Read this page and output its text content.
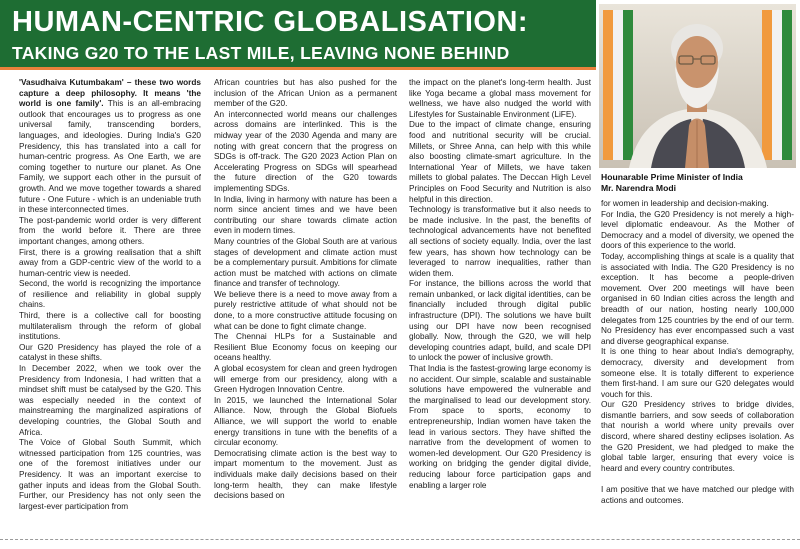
HUMAN-CENTRIC GLOBALISATION:
TAKING G20 TO THE LAST MILE, LEAVING NONE BEHIND
Hounarable Prime Minister of India
Mr. Narendra Modi

'Vasudhaiva Kutumbakam' – these two words capture a deep philosophy. It means 'the world is one family'. This is an all-embracing outlook that encourages us to progress as one universal family, transcending borders, languages, and ideologies. During India's G20 Presidency, this has translated into a call for human-centric progress. As One Earth, we are coming together to nurture our planet. As One Family, we support each other in the pursuit of growth. And we move together towards a shared future - One Future - which is an undeniable truth in these interconnected times.

The post-pandemic world order is very different from the world before it. There are three important changes, among others.

First, there is a growing realisation that a shift away from a GDP-centric view of the world to a human-centric view is needed.

Second, the world is recognizing the importance of resilience and reliability in global supply chains.

Third, there is a collective call for boosting multilateralism through the reform of global institutions.

Our G20 Presidency has played the role of a catalyst in these shifts.

In December 2022, when we took over the Presidency from Indonesia, I had written that a mindset shift must be catalysed by the G20. This was especially needed in the context of mainstreaming the marginalized aspirations of developing countries, the Global South and Africa.

The Voice of Global South Summit, which witnessed participation from 125 countries, was one of the foremost initiatives under our Presidency. It was an important exercise to gather inputs and ideas from the Global South. Further, our Presidency has not only seen the largest-ever participation from

African countries but has also pushed for the inclusion of the African Union as a permanent member of the G20.

An interconnected world means our challenges across domains are interlinked. This is the midway year of the 2030 Agenda and many are noting with great concern that the progress on SDGs is off-track. The G20 2023 Action Plan on Accelerating Progress on SDGs will spearhead the future direction of the G20 towards implementing SDGs.

In India, living in harmony with nature has been a norm since ancient times and we have been contributing our share towards climate action even in modern times.

Many countries of the Global South are at various stages of development and climate action must be a complementary pursuit. Ambitions for climate action must be matched with actions on climate finance and transfer of technology.

We believe there is a need to move away from a purely restrictive attitude of what should not be done, to a more constructive attitude focusing on what can be done to fight climate change.

The Chennai HLPs for a Sustainable and Resilient Blue Economy focus on keeping our oceans healthy.

A global ecosystem for clean and green hydrogen will emerge from our presidency, along with a Green Hydrogen Innovation Centre.

In 2015, we launched the International Solar Alliance. Now, through the Global Biofuels Alliance, we will support the world to enable energy transitions in tune with the benefits of a circular economy.

Democratising climate action is the best way to impart momentum to the movement. Just as individuals make daily decisions based on their long-term health, they can make lifestyle decisions based on

the impact on the planet's long-term health. Just like Yoga became a global mass movement for wellness, we have also nudged the world with Lifestyles for Sustainable Environment (LiFE).

Due to the impact of climate change, ensuring food and nutritional security will be crucial. Millets, or Shree Anna, can help with this while also boosting climate-smart agriculture. In the International Year of Millets, we have taken millets to global palates. The Deccan High Level Principles on Food Security and Nutrition is also helpful in this direction.

Technology is transformative but it also needs to be made inclusive. In the past, the benefits of technological advancements have not benefited all sections of society equally. India, over the last few years, has shown how technology can be leveraged to narrow inequalities, rather than widen them.

For instance, the billions across the world that remain unbanked, or lack digital identities, can be financially included through digital public infrastructure (DPI). The solutions we have built using our DPI have now been recognised globally. Now, through the G20, we will help developing countries adapt, build, and scale DPI to unlock the power of inclusive growth.

That India is the fastest-growing large economy is no accident. Our simple, scalable and sustainable solutions have empowered the vulnerable and the marginalised to lead our development story. From space to sports, economy to entrepreneurship, Indian women have taken the lead in various sectors. They have shifted the narrative from the development of women to women-led development. Our G20 Presidency is working on bridging the gender digital divide, reducing labour force participation gaps and enabling a larger role

for women in leadership and decision-making.

For India, the G20 Presidency is not merely a high-level diplomatic endeavour. As the Mother of Democracy and a model of diversity, we opened the doors of this experience to the world.

Today, accomplishing things at scale is a quality that is associated with India. The G20 Presidency is no exception. It has become a people-driven movement. Over 200 meetings will have been organised in 60 Indian cities across the length and breadth of our nation, hosting nearly 100,000 delegates from 125 countries by the end of our term. No Presidency has ever encompassed such a vast and diverse geographical expanse.

It is one thing to hear about India's demography, democracy, diversity and development from someone else. It is totally different to experience them first-hand. I am sure our G20 delegates would vouch for this.

Our G20 Presidency strives to bridge divides, dismantle barriers, and sow seeds of collaboration that nourish a world where unity prevails over discord, where shared destiny eclipses isolation. As the G20 President, we had pledged to make the global table larger, ensuring that every voice is heard and every country contributes.

I am positive that we have matched our pledge with actions and outcomes.
